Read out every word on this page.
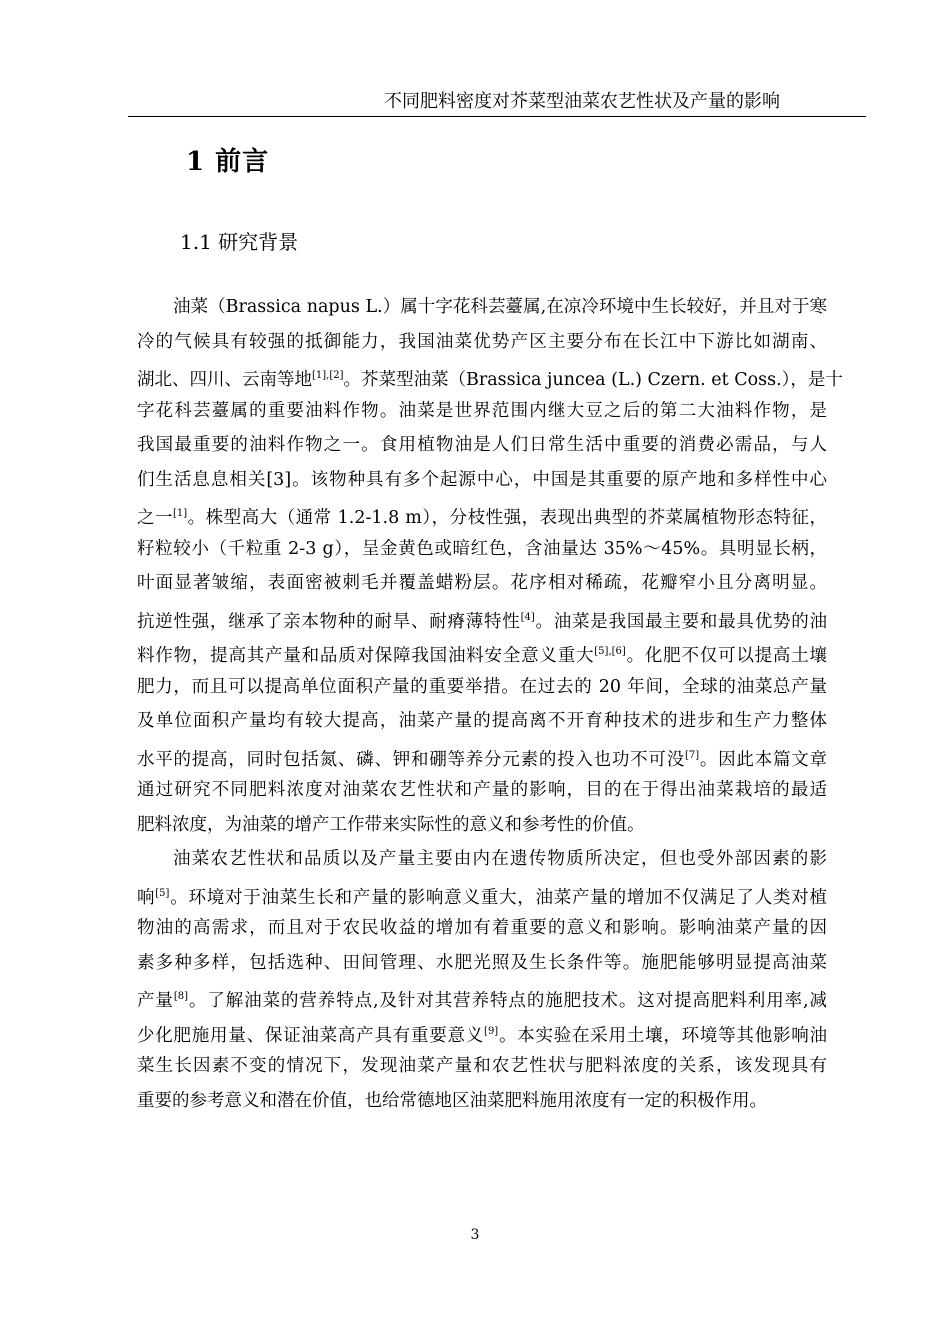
不同肥料密度对芥菜型油菜农艺性状及产量的影响
1 前言
1.1 研究背景
油菜（Brassica napus L.）属十字花科芸薹属,在凉冷环境中生长较好，并且对于寒
冷的气候具有较强的抵御能力，我国油菜优势产区主要分布在长江中下游比如湖南、
湖北、四川、云南等地[1],[2]。芥菜型油菜（Brassica juncea (L.) Czern. et Coss.），是十
字花科芸薹属的重要油料作物。油菜是世界范围内继大豆之后的第二大油料作物，是
我国最重要的油料作物之一。食用植物油是人们日常生活中重要的消费必需品，与人
们生活息息相关[3]。该物种具有多个起源中心，中国是其重要的原产地和多样性中心
之一[1]。株型高大（通常 1.2-1.8 m），分枝性强，表现出典型的芥菜属植物形态特征，
籽粒较小（千粒重 2-3 g），呈金黄色或暗红色，含油量达 35%～45%。具明显长柄，
叶面显著皱缩，表面密被刺毛并覆盖蜡粉层。花序相对稀疏，花瓣窄小且分离明显。
抗逆性强，继承了亲本物种的耐旱、耐瘠薄特性[4]。油菜是我国最主要和最具优势的油
料作物，提高其产量和品质对保障我国油料安全意义重大[5],[6]。化肥不仅可以提高土壤
肥力，而且可以提高单位面积产量的重要举措。在过去的 20 年间，全球的油菜总产量
及单位面积产量均有较大提高，油菜产量的提高离不开育种技术的进步和生产力整体
水平的提高，同时包括氮、磷、钾和硼等养分元素的投入也功不可没[7]。因此本篇文章
通过研究不同肥料浓度对油菜农艺性状和产量的影响，目的在于得出油菜栽培的最适
肥料浓度，为油菜的增产工作带来实际性的意义和参考性的价值。
油菜农艺性状和品质以及产量主要由内在遗传物质所决定，但也受外部因素的影
响[5]。环境对于油菜生长和产量的影响意义重大，油菜产量的增加不仅满足了人类对植
物油的高需求，而且对于农民收益的增加有着重要的意义和影响。影响油菜产量的因
素多种多样，包括选种、田间管理、水肥光照及生长条件等。施肥能够明显提高油菜
产量[8]。了解油菜的营养特点,及针对其营养特点的施肥技术。这对提高肥料利用率,减
少化肥施用量、保证油菜高产具有重要意义[9]。本实验在采用土壤，环境等其他影响油
菜生长因素不变的情况下，发现油菜产量和农艺性状与肥料浓度的关系，该发现具有
重要的参考意义和潜在价值，也给常德地区油菜肥料施用浓度有一定的积极作用。
3
